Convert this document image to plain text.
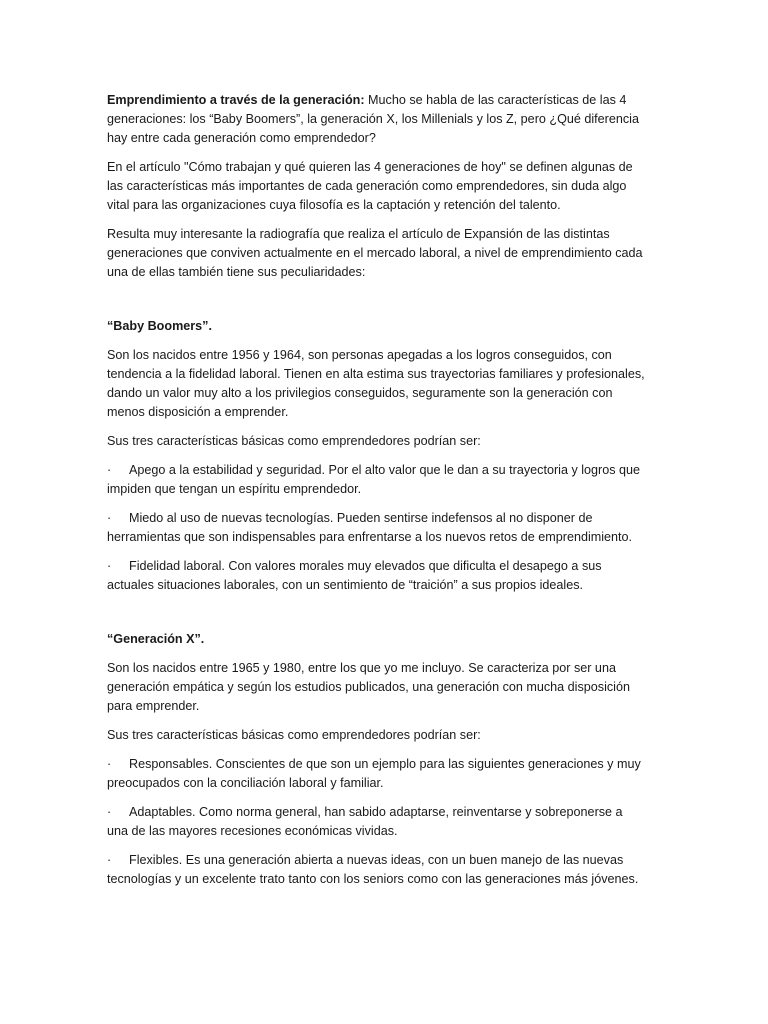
Emprendimiento a través de la generación: Mucho se habla de las características de las 4 generaciones: los “Baby Boomers”, la generación X, los Millenials y los Z, pero ¿Qué diferencia hay entre cada generación como emprendedor?

En el artículo "Cómo trabajan y qué quieren las 4 generaciones de hoy" se definen algunas de las características más importantes de cada generación como emprendedores, sin duda algo vital para las organizaciones cuya filosofía es la captación y retención del talento.

Resulta muy interesante la radiografía que realiza el artículo de Expansión de las distintas generaciones que conviven actualmente en el mercado laboral, a nivel de emprendimiento cada una de ellas también tiene sus peculiaridades:

“Baby Boomers”.

Son los nacidos entre 1956 y 1964, son personas apegadas a los logros conseguidos, con tendencia a la fidelidad laboral. Tienen en alta estima sus trayectorias familiares y profesionales, dando un valor muy alto a los privilegios conseguidos, seguramente son la generación con menos disposición a emprender.

Sus tres características básicas como emprendedores podrían ser:

· Apego a la estabilidad y seguridad. Por el alto valor que le dan a su trayectoria y logros que impiden que tengan un espíritu emprendedor.

· Miedo al uso de nuevas tecnologías. Pueden sentirse indefensos al no disponer de herramientas que son indispensables para enfrentarse a los nuevos retos de emprendimiento.

· Fidelidad laboral. Con valores morales muy elevados que dificulta el desapego a sus actuales situaciones laborales, con un sentimiento de “traición” a sus propios ideales.

“Generación X”.

Son los nacidos entre 1965 y 1980, entre los que yo me incluyo. Se caracteriza por ser una generación empática y según los estudios publicados, una generación con mucha disposición para emprender.

Sus tres características básicas como emprendedores podrían ser:

· Responsables. Conscientes de que son un ejemplo para las siguientes generaciones y muy preocupados con la conciliación laboral y familiar.

· Adaptables. Como norma general, han sabido adaptarse, reinventarse y sobreponerse a una de las mayores recesiones económicas vividas.

· Flexibles. Es una generación abierta a nuevas ideas, con un buen manejo de las nuevas tecnologías y un excelente trato tanto con los seniors como con las generaciones más jóvenes.
